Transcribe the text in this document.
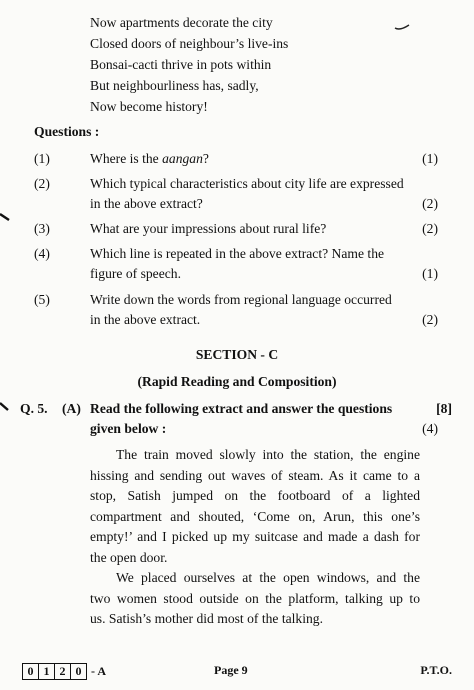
Now apartments decorate the city
Closed doors of neighbour’s live-ins
Bonsai-cacti thrive in pots within
But neighbourliness has, sadly,
Now become history!
Questions :
(1)	Where is the aangan?	(1)
(2)	Which typical characteristics about city life are expressed
in the above extract?	(2)
(3)	What are your impressions about rural life?	(2)
(4)	Which line is repeated in the above extract? Name the
figure of speech.	(1)
(5)	Write down the words from regional language occurred
in the above extract.	(2)
SECTION - C
(Rapid Reading and Composition)
Q. 5. (A) Read the following extract and answer the questions
given below :
[8]
(4)
The train moved slowly into the station, the engine
hissing and sending out waves of steam. As it came to a
stop, Satish jumped on the footboard of a lighted
compartment and shouted, ‘Come on, Arun, this one’s
empty!’ and I picked up my suitcase and made a dash for
the open door.
We placed ourselves at the open windows, and the
two women stood outside on the platform, talking up to
us. Satish’s mother did most of the talking.
0 1 2 0 - A	Page 9	P.T.O.
